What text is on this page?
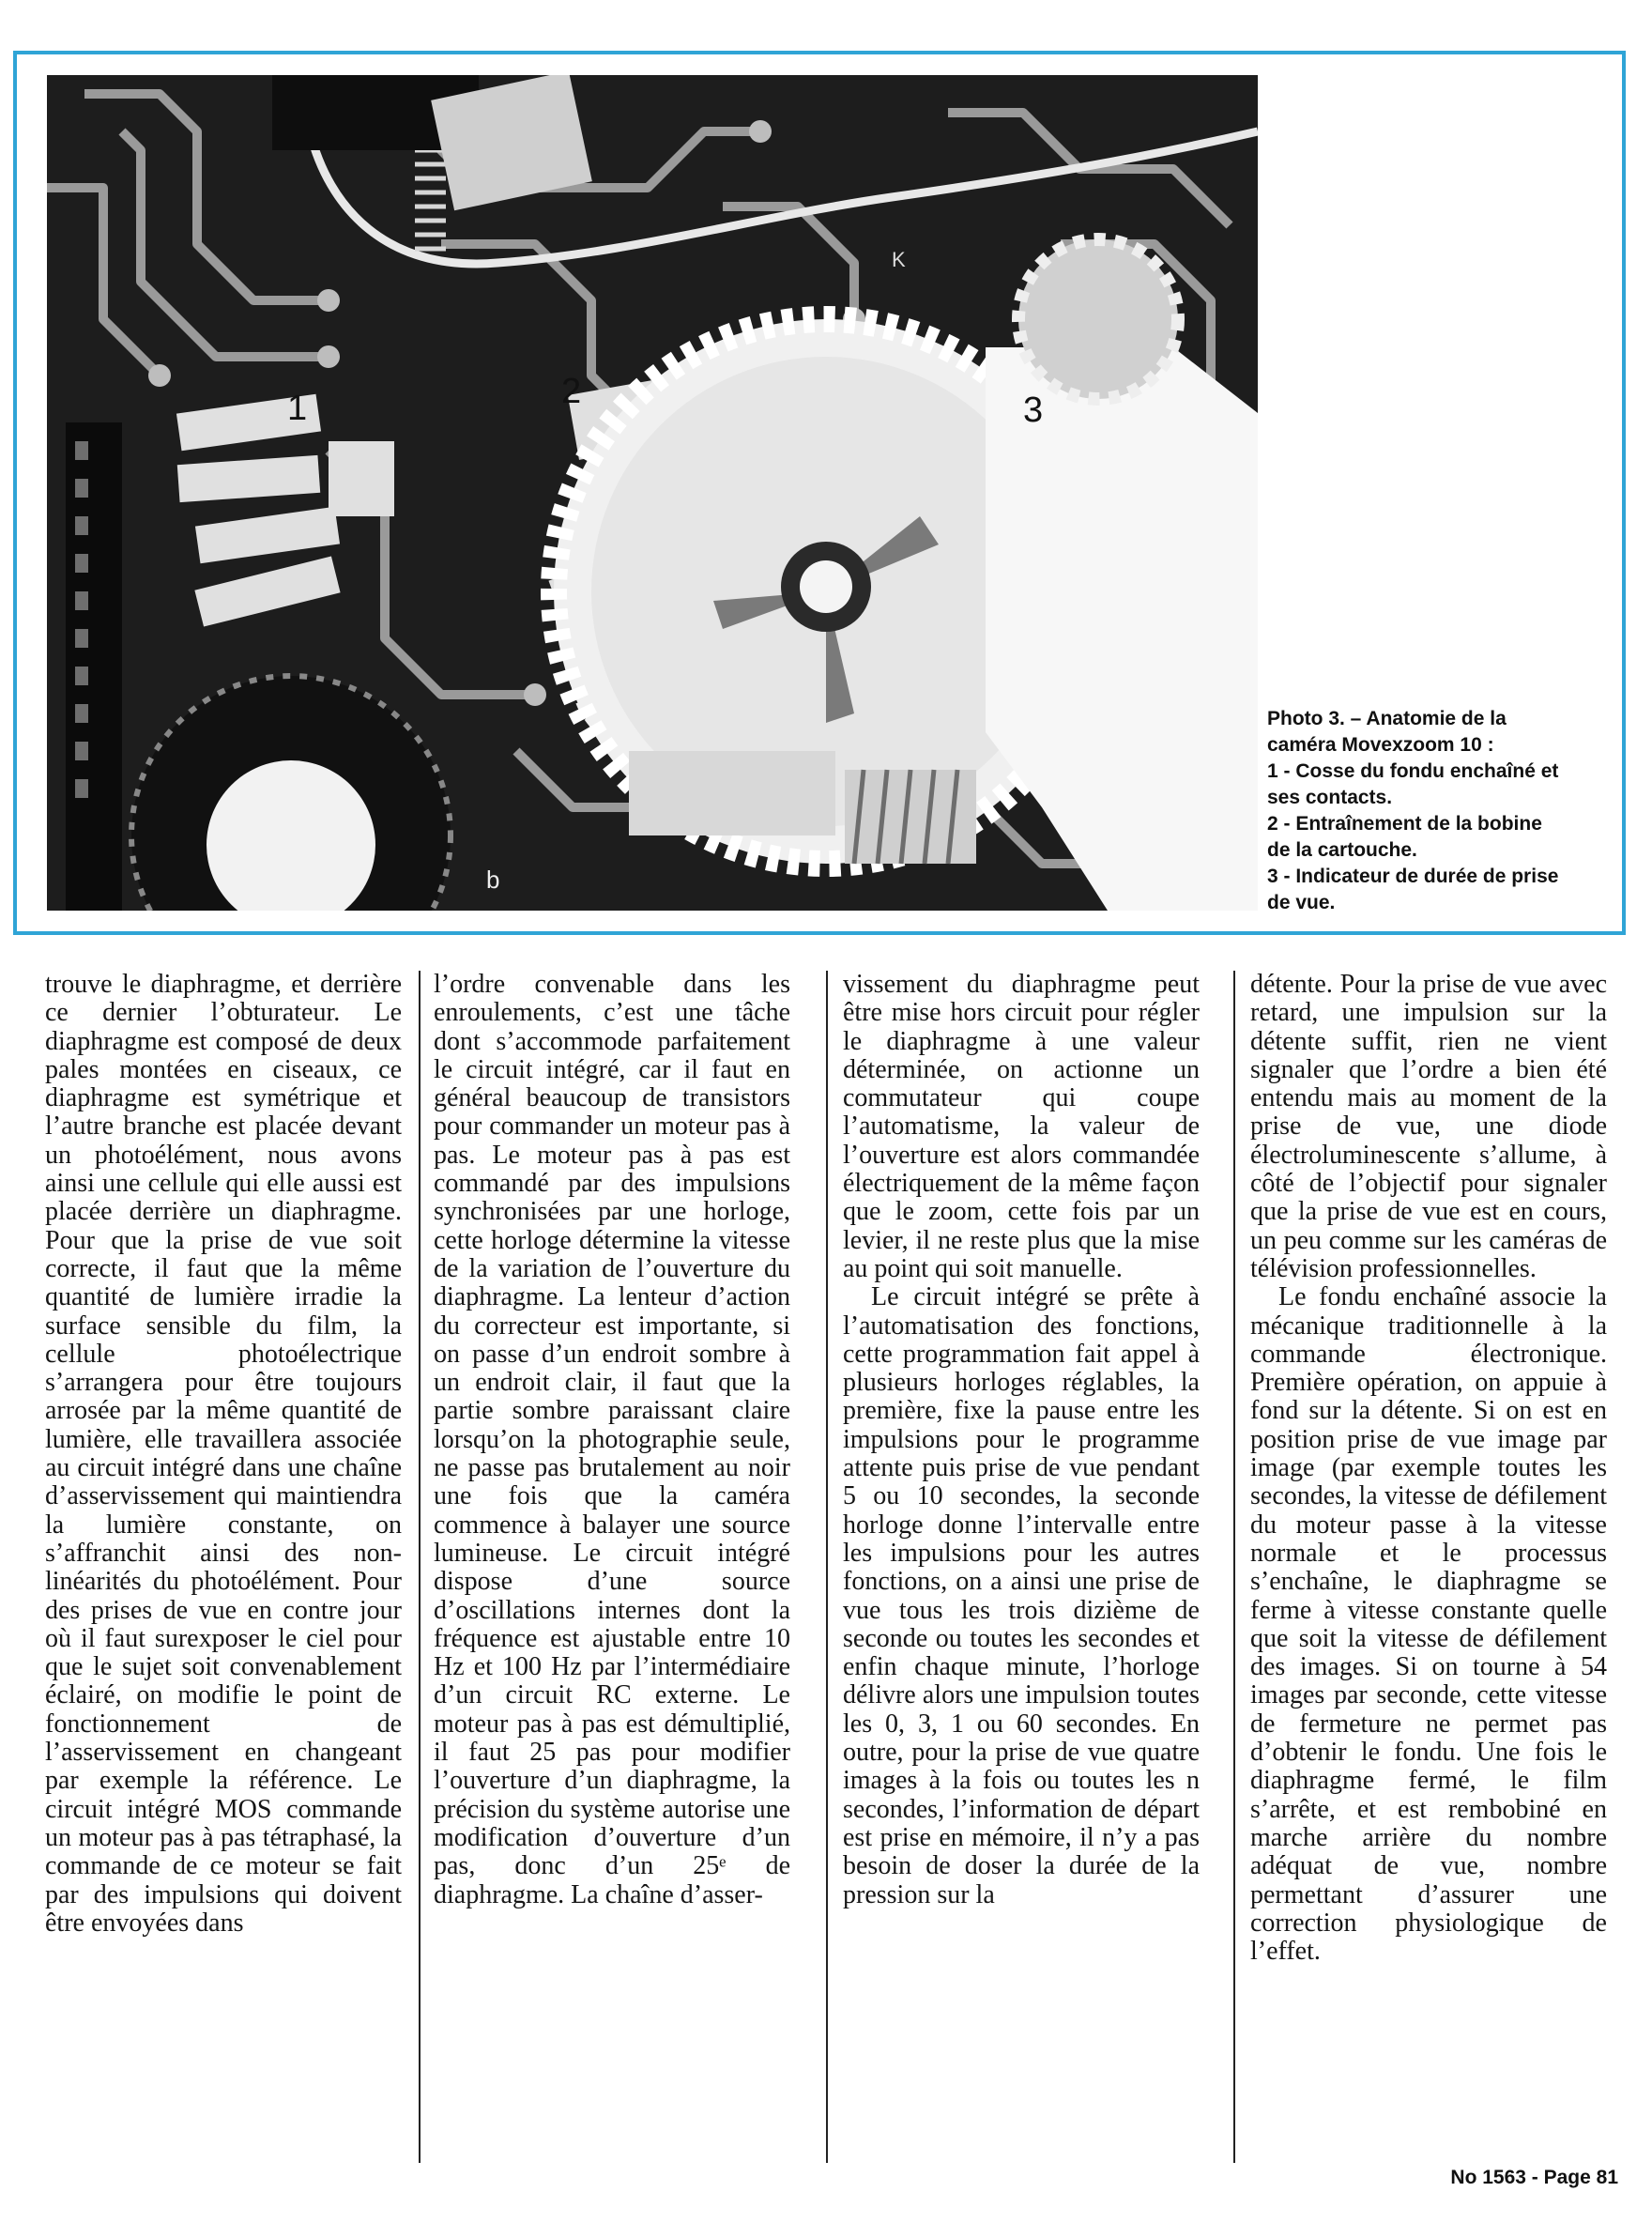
1	2	3
K
b
Photo 3. – Anatomie de la
caméra Movexzoom 10 :
1 - Cosse du fondu enchaîné et
ses contacts.
2 - Entraînement de la bobine
de la cartouche.
3 - Indicateur de durée de prise
de vue.

trouve le diaphragme, et derrière ce dernier l’obturateur. Le diaphragme est composé de deux pales montées en ciseaux, ce diaphragme est symétrique et l’autre branche est placée devant un photoélément, nous avons ainsi une cellule qui elle aussi est placée derrière un diaphragme. Pour que la prise de vue soit correcte, il faut que la même quantité de lumière irradie la surface sensible du film, la cellule photoélectrique s’arrangera pour être toujours arrosée par la même quantité de lumière, elle travaillera associée au circuit intégré dans une chaîne d’asservissement qui maintiendra la lumière constante, on s’affranchit ainsi des non-linéarités du photoélément. Pour des prises de vue en contre jour où il faut surexposer le ciel pour que le sujet soit convenablement éclairé, on modifie le point de fonctionnement de l’asservissement en changeant par exemple la référence. Le circuit intégré MOS commande un moteur pas à pas tétraphasé, la commande de ce moteur se fait par des impulsions qui doivent être envoyées dans

l’ordre convenable dans les enroulements, c’est une tâche dont s’accommode parfaitement le circuit intégré, car il faut en général beaucoup de transistors pour commander un moteur pas à pas. Le moteur pas à pas est commandé par des impulsions synchronisées par une horloge, cette horloge détermine la vitesse de la variation de l’ouverture du diaphragme. La lenteur d’action du correcteur est importante, si on passe d’un endroit sombre à un endroit clair, il faut que la partie sombre paraissant claire lorsqu’on la photographie seule, ne passe pas brutalement au noir une fois que la caméra commence à balayer une source lumineuse. Le circuit intégré dispose d’une source d’oscillations internes dont la fréquence est ajustable entre 10 Hz et 100 Hz par l’intermédiaire d’un circuit RC externe. Le moteur pas à pas est démultiplié, il faut 25 pas pour modifier l’ouverture d’un diaphragme, la précision du système autorise une modification d’ouverture d’un pas, donc d’un 25ᵉ de diaphragme. La chaîne d’asser-

vissement du diaphragme peut être mise hors circuit pour régler le diaphragme à une valeur déterminée, on actionne un commutateur qui coupe l’automatisme, la valeur de l’ouverture est alors commandée électriquement de la même façon que le zoom, cette fois par un levier, il ne reste plus que la mise au point qui soit manuelle.

Le circuit intégré se prête à l’automatisation des fonctions, cette programmation fait appel à plusieurs horloges réglables, la première, fixe la pause entre les impulsions pour le programme attente puis prise de vue pendant 5 ou 10 secondes, la seconde horloge donne l’intervalle entre les impulsions pour les autres fonctions, on a ainsi une prise de vue tous les trois dizième de seconde ou toutes les secondes et enfin chaque minute, l’horloge délivre alors une impulsion toutes les 0, 3, 1 ou 60 secondes. En outre, pour la prise de vue quatre images à la fois ou toutes les n secondes, l’information de départ est prise en mémoire, il n’y a pas besoin de doser la durée de la pression sur la

détente. Pour la prise de vue avec retard, une impulsion sur la détente suffit, rien ne vient signaler que l’ordre a bien été entendu mais au moment de la prise de vue, une diode électroluminescente s’allume, à côté de l’objectif pour signaler que la prise de vue est en cours, un peu comme sur les caméras de télévision professionnelles.

Le fondu enchaîné associe la mécanique traditionnelle à la commande électronique. Première opération, on appuie à fond sur la détente. Si on est en position prise de vue image par image (par exemple toutes les secondes, la vitesse de défilement du moteur passe à la vitesse normale et le processus s’enchaîne, le diaphragme se ferme à vitesse constante quelle que soit la vitesse de défilement des images. Si on tourne à 54 images par seconde, cette vitesse de fermeture ne permet pas d’obtenir le fondu. Une fois le diaphragme fermé, le film s’arrête, et est rembobiné en marche arrière du nombre adéquat de vue, nombre permettant d’assurer une correction physiologique de l’effet.

No 1563 - Page 81
